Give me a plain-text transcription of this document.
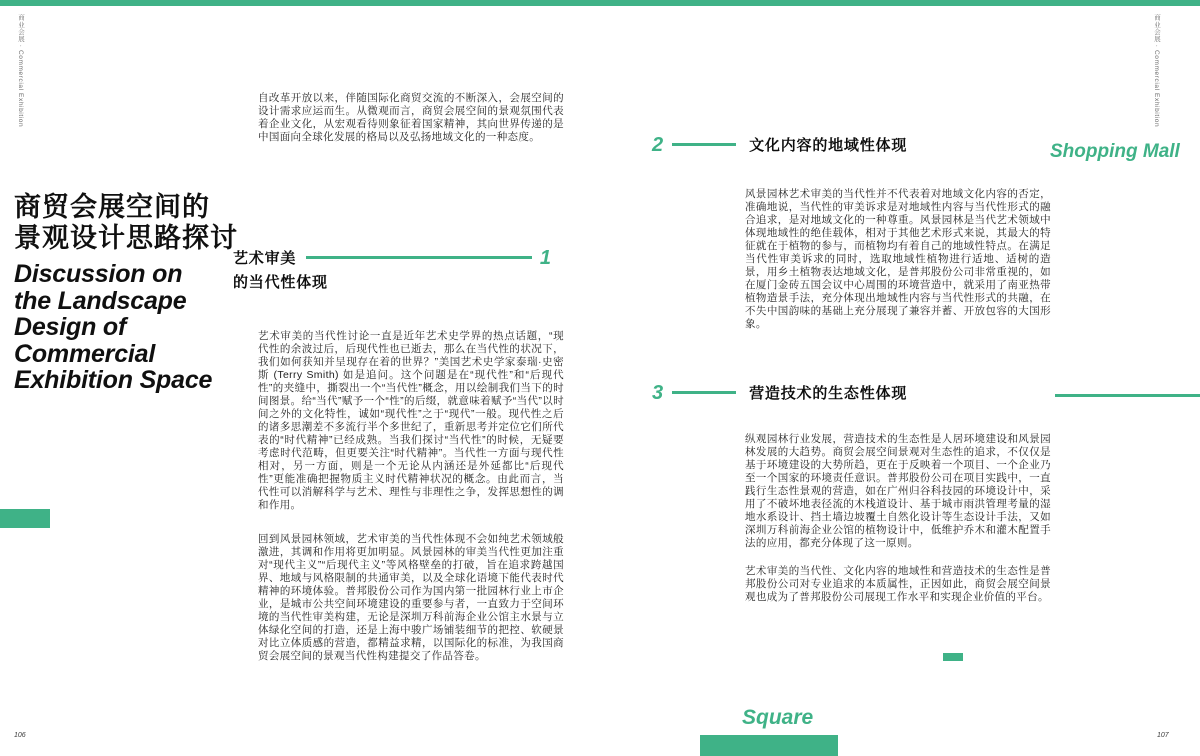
商业会展 · Commercial Exhibition	商业会展 · Commercial Exhibition

自改革开放以来，伴随国际化商贸交流的不断深入，会展空间的设计需求应运而生。从微观而言，商贸会展空间的景观氛围代表着企业文化，从宏观看待则象征着国家精神，其向世界传递的是中国面向全球化发展的格局以及弘扬地域文化的一种态度。

商贸会展空间的
景观设计思路探讨
Discussion on
the Landscape
Design of
Commercial
Exhibition Space
艺术审美	1
的当代性体现

艺术审美的当代性讨论一直是近年艺术史学界的热点话题，“现代性的余波过后，后现代性也已逝去，那么在当代性的状况下，我们如何获知并呈现存在着的世界？”美国艺术史学家泰瑞·史密斯 (Terry Smith) 如是追问。这个问题是在“现代性”和“后现代性”的夹缝中，撕裂出一个“当代性”概念，用以绘制我们当下的时间图景。给“当代”赋予一个“性”的后缀，就意味着赋予“当代”以时间之外的文化特性，诚如“现代性”之于“现代”一般。现代性之后的诸多思潮差不多流行半个多世纪了，重新思考并定位它们所代表的“时代精神”已经成熟。当我们探讨“当代性”的时候，无疑要考虑时代范畴，但更要关注“时代精神”。当代性一方面与现代性相对，另一方面，则是一个无论从内涵还是外延都比“后现代性”更能准确把握物质主义时代精神状况的概念。由此而言，当代性可以消解科学与艺术、理性与非理性之争，发挥思想性的调和作用。

回到风景园林领域，艺术审美的当代性体现不会如纯艺术领域般激进，其调和作用将更加明显。风景园林的审美当代性更加注重对“现代主义”“后现代主义”等风格壁垒的打破，旨在追求跨越国界、地域与风格限制的共通审美，以及全球化语境下能代表时代精神的环境体验。普邦股份公司作为国内第一批园林行业上市企业，是城市公共空间环境建设的重要参与者，一直致力于空间环境的当代性审美构建，无论是深圳万科前海企业公馆主水景与立体绿化空间的打造，还是上海中骏广场铺装细节的把控、软硬景对比立体质感的营造，都精益求精，以国际化的标准，为我国商贸会展空间的景观当代性构建提交了作品答卷。

106
2	文化内容的地域性体现	Shopping Mall

风景园林艺术审美的当代性并不代表着对地域文化内容的否定，准确地说，当代性的审美诉求是对地域性内容与当代性形式的融合追求，是对地域文化的一种尊重。风景园林是当代艺术领域中体现地域性的绝佳载体，相对于其他艺术形式来说，其最大的特征就在于植物的参与，而植物均有着自己的地域性特点。在满足当代性审美诉求的同时，选取地域性植物进行适地、适树的造景，用乡土植物表达地域文化，是普邦股份公司非常重视的，如在厦门金砖五国会议中心周围的环境营造中，就采用了南亚热带植物造景手法，充分体现出地域性内容与当代性形式的共融，在不失中国韵味的基础上充分展现了兼容并蓄、开放包容的大国形象。

3	营造技术的生态性体现

纵观园林行业发展，营造技术的生态性是人居环境建设和风景园林发展的大趋势。商贸会展空间景观对生态性的追求，不仅仅是基于环境建设的大势所趋，更在于反映着一个项目、一个企业乃至一个国家的环境责任意识。普邦股份公司在项目实践中，一直践行生态性景观的营造，如在广州归谷科技园的环境设计中，采用了不破坏地表径流的木栈道设计、基于城市雨洪管理考量的湿地水系设计、挡土墙边坡覆土自然化设计等生态设计手法，又如深圳万科前海企业公馆的植物设计中，低维护乔木和灌木配置手法的应用，都充分体现了这一原则。

艺术审美的当代性、文化内容的地域性和营造技术的生态性是普邦股份公司对专业追求的本质属性，正因如此，商贸会展空间景观也成为了普邦股份公司展现工作水平和实现企业价值的平台。

Square
107
